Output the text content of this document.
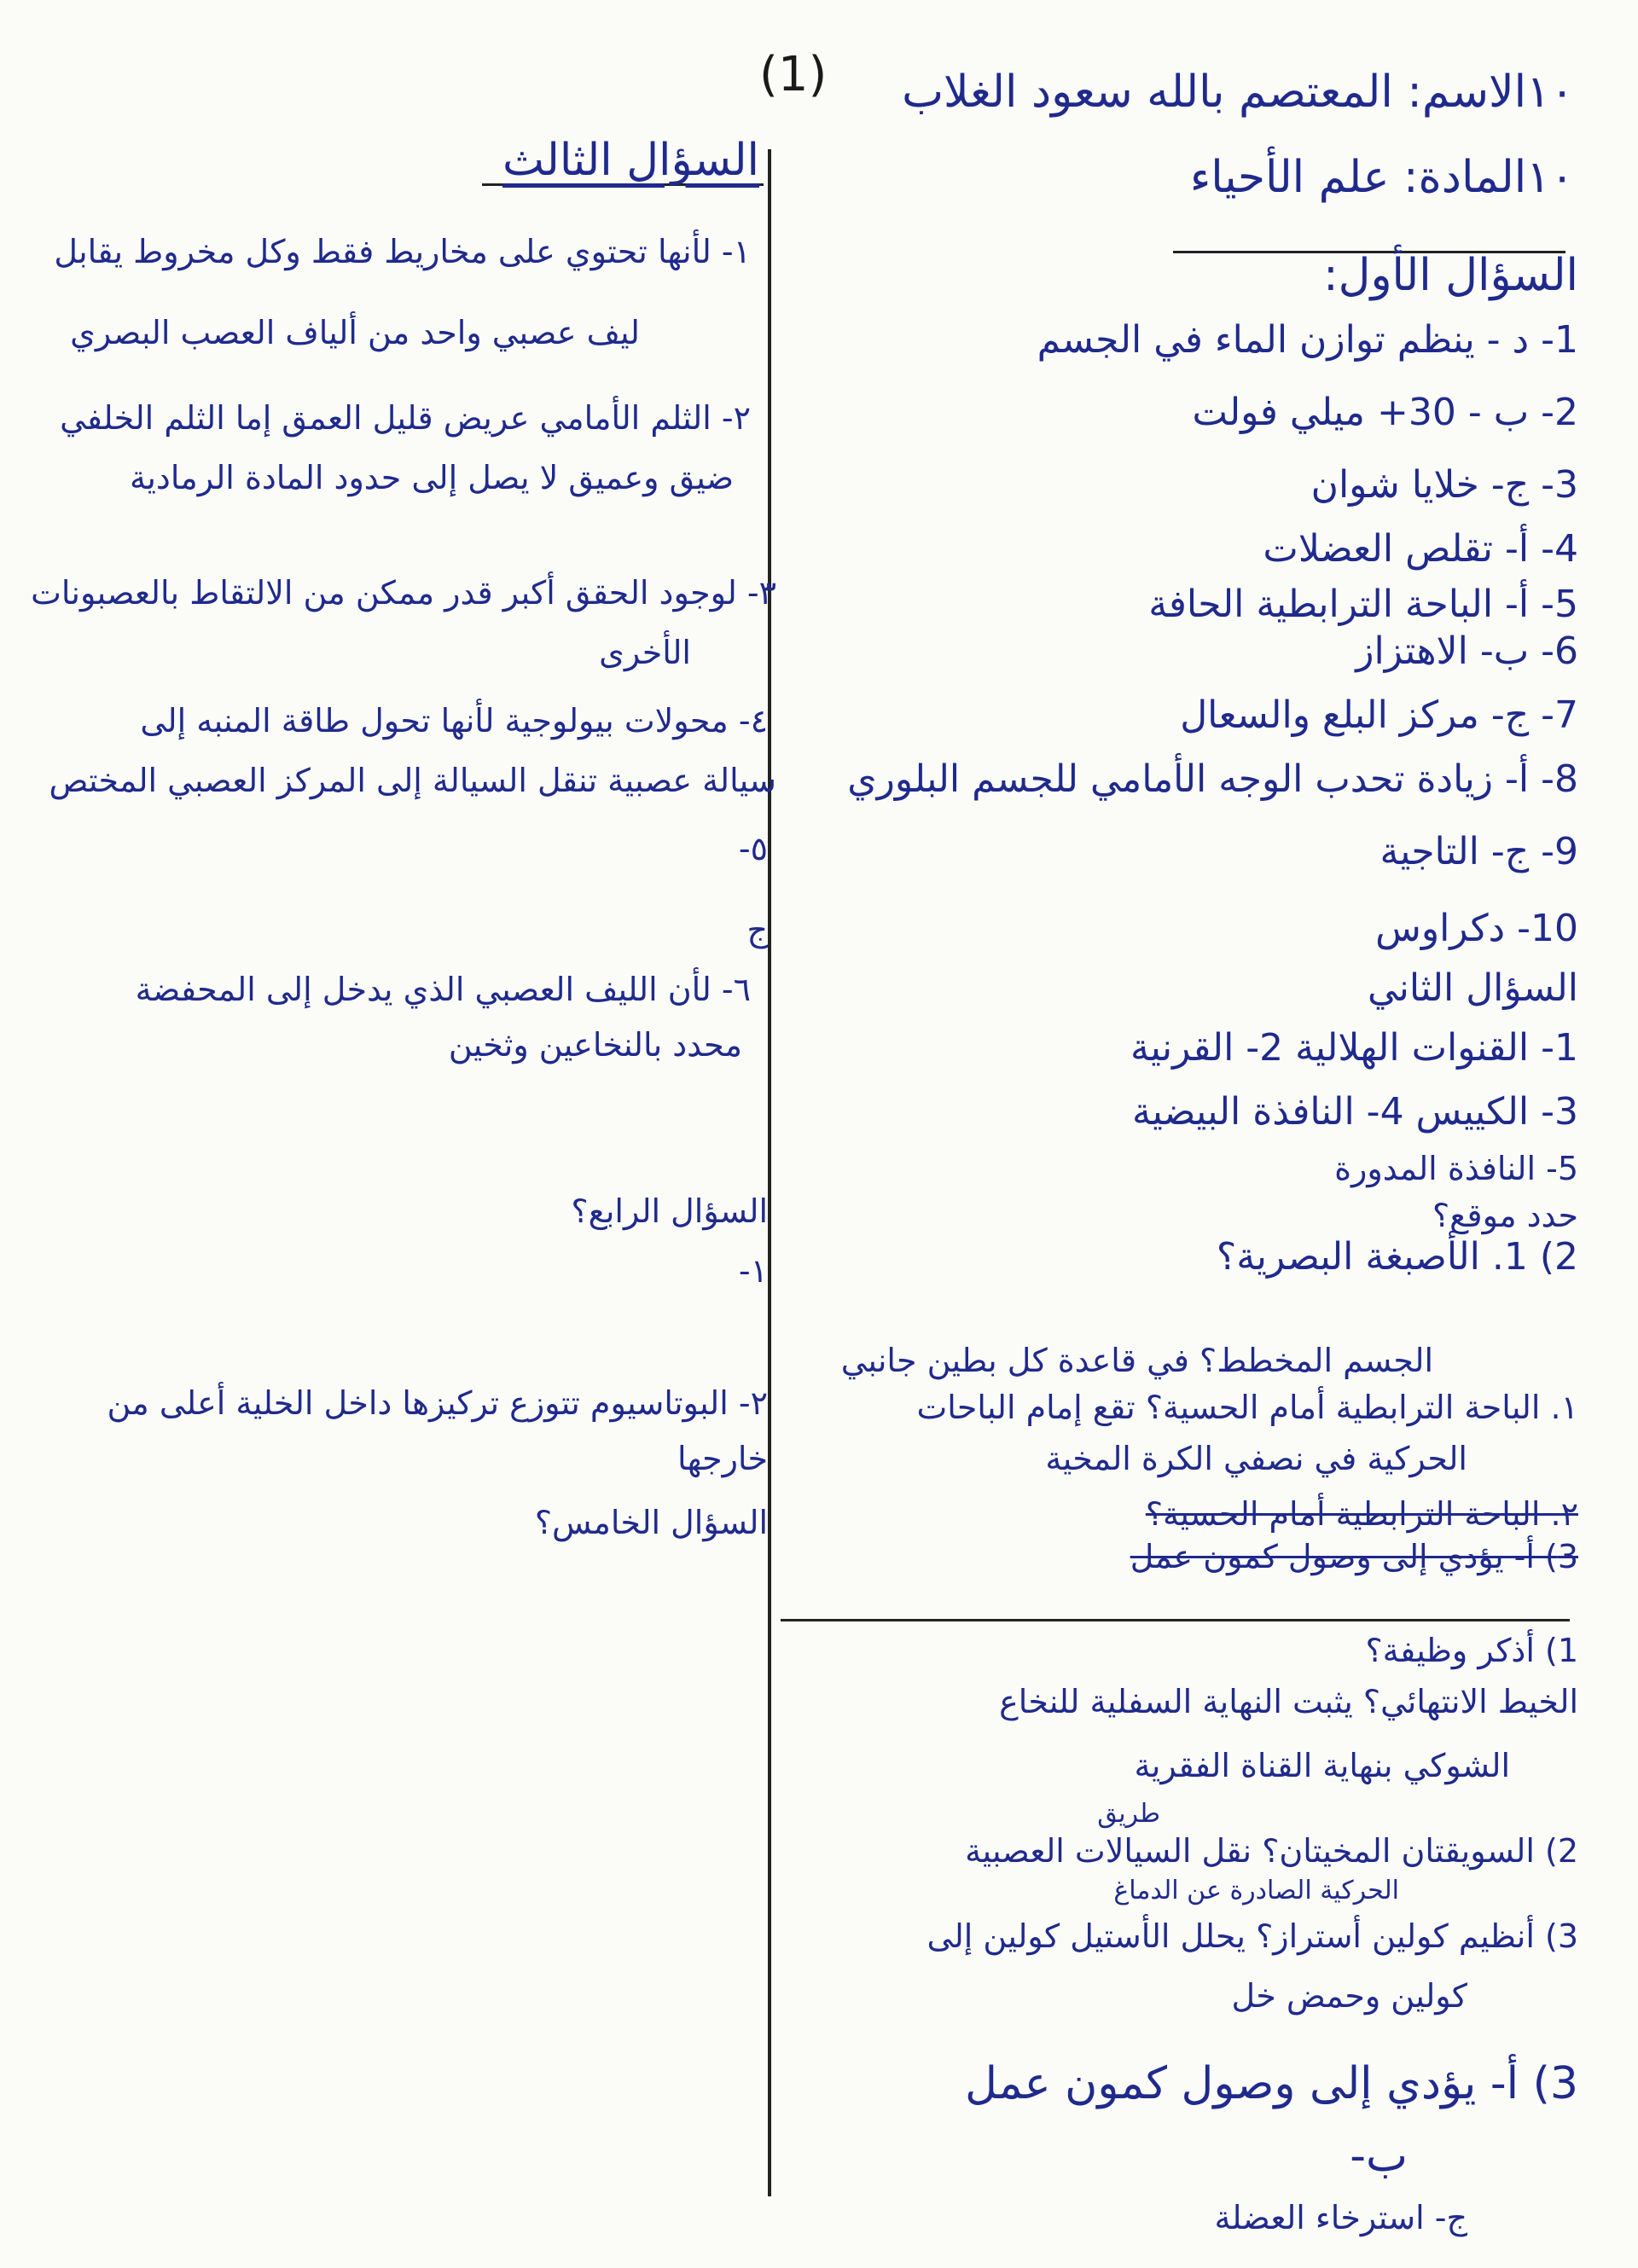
(1) ١٠الاسم: المعتصم بالله سعود الغلاب
١٠المادة: علم الأحياء
السؤال الأول:
1- د - ينظم توازن الماء في الجسم
2- ب - 30+ ميلي فولت
3- ج- خلايا شوان
4- أ- تقلص العضلات
5- أ- الباحة الترابطية الحافة
6- ب- الاهتزاز
7- ج- مركز البلع والسعال
8- أ- زيادة تحدب الوجه الأمامي للجسم البلوري
9- ج- التاجية
10- دكراوس
السؤال الثاني
1- القنوات الهلالية 2- القرنية
3- الكييس 4- النافذة البيضية
5- النافذة المدورة
حدد موقع؟
2) 1. الأصبغة البصرية؟
الجسم المخطط؟ في قاعدة كل بطين جانبي
١. الباحة الترابطية أمام الحسية؟ تقع إمام الباحات
الحركية في نصفي الكرة المخية
٢. الباحة الترابطية أمام الحسية؟
3) أ- يؤدي إلى وصول كمون عمل
1) أذكر وظيفة؟
الخيط الانتهائي؟ يثبت النهاية السفلية للنخاع
الشوكي بنهاية القناة الفقرية
طريق
2) السويقتان المخيتان؟ نقل السيالات العصبية
الحركية الصادرة عن الدماغ
3) أنظيم كولين أستراز؟ يحلل الأستيل كولين إلى
كولين وحمض خل
3) أ- يؤدي إلى وصول كمون عمل
ب-
ج- استرخاء العضلة
السؤال الثالث
١- لأنها تحتوي على مخاريط فقط وكل مخروط يقابل
ليف عصبي واحد من ألياف العصب البصري
٢- الثلم الأمامي عريض قليل العمق إما الثلم الخلفي
ضيق وعميق لا يصل إلى حدود المادة الرمادية
٣- لوجود الحقق أكبر قدر ممكن من الالتقاط بالعصبونات
الأخرى
٤- محولات بيولوجية لأنها تحول طاقة المنبه إلى
سيالة عصبية تنقل السيالة إلى المركز العصبي المختص
٥-
ج
٦- لأن الليف العصبي الذي يدخل إلى المحفضة
محدد بالنخاعين وثخين
السؤال الرابع؟
١-
٢- البوتاسيوم تتوزع تركيزها داخل الخلية أعلى من
خارجها
السؤال الخامس؟
